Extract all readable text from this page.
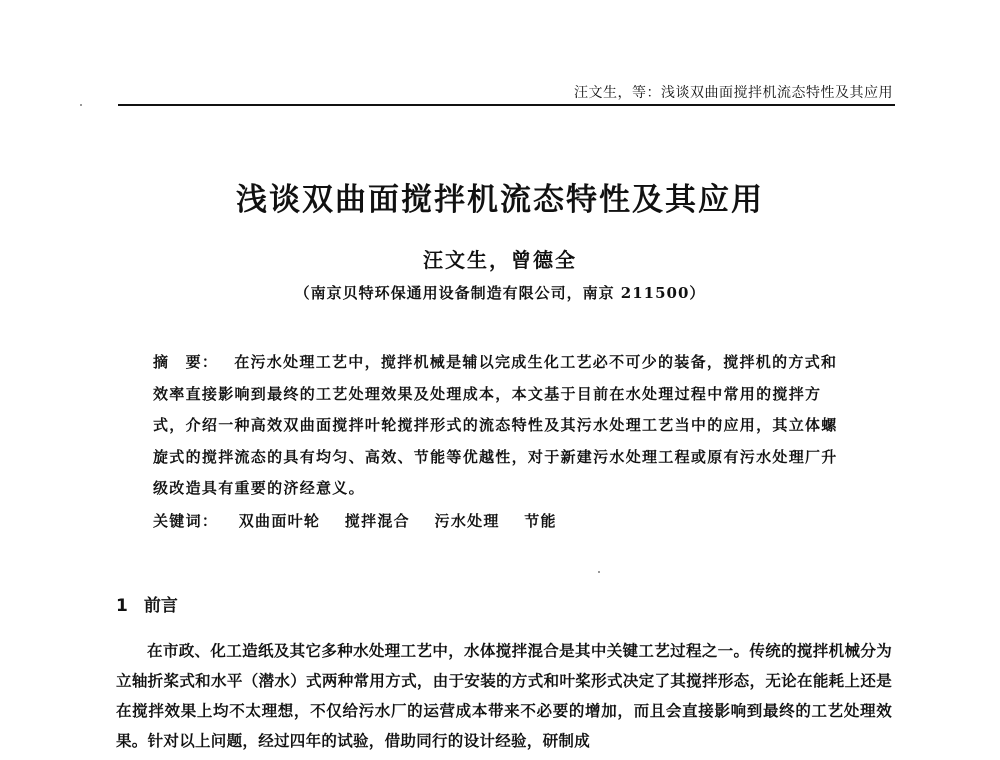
汪文生，等：浅谈双曲面搅拌机流态特性及其应用
浅谈双曲面搅拌机流态特性及其应用
汪文生，曾德全
（南京贝特环保通用设备制造有限公司，南京 211500）

摘　要： 在污水处理工艺中，搅拌机械是辅以完成生化工艺必不可少的装备，搅拌机的方式和效率直接影响到最终的工艺处理效果及处理成本，本文基于目前在水处理过程中常用的搅拌方式，介绍一种高效双曲面搅拌叶轮搅拌形式的流态特性及其污水处理工艺当中的应用，其立体螺旋式的搅拌流态的具有均匀、高效、节能等优越性，对于新建污水处理工程或原有污水处理厂升级改造具有重要的济经意义。

关键词： 双曲面叶轮 搅拌混合 污水处理 节能
1 前言

在市政、化工造纸及其它多种水处理工艺中，水体搅拌混合是其中关键工艺过程之一。传统的搅拌机械分为立轴折桨式和水平（潜水）式两种常用方式，由于安装的方式和叶桨形式决定了其搅拌形态，无论在能耗上还是在搅拌效果上均不太理想，不仅给污水厂的运营成本带来不必要的增加，而且会直接影响到最终的工艺处理效果。针对以上问题，经过四年的试验，借助同行的设计经验，研制成
